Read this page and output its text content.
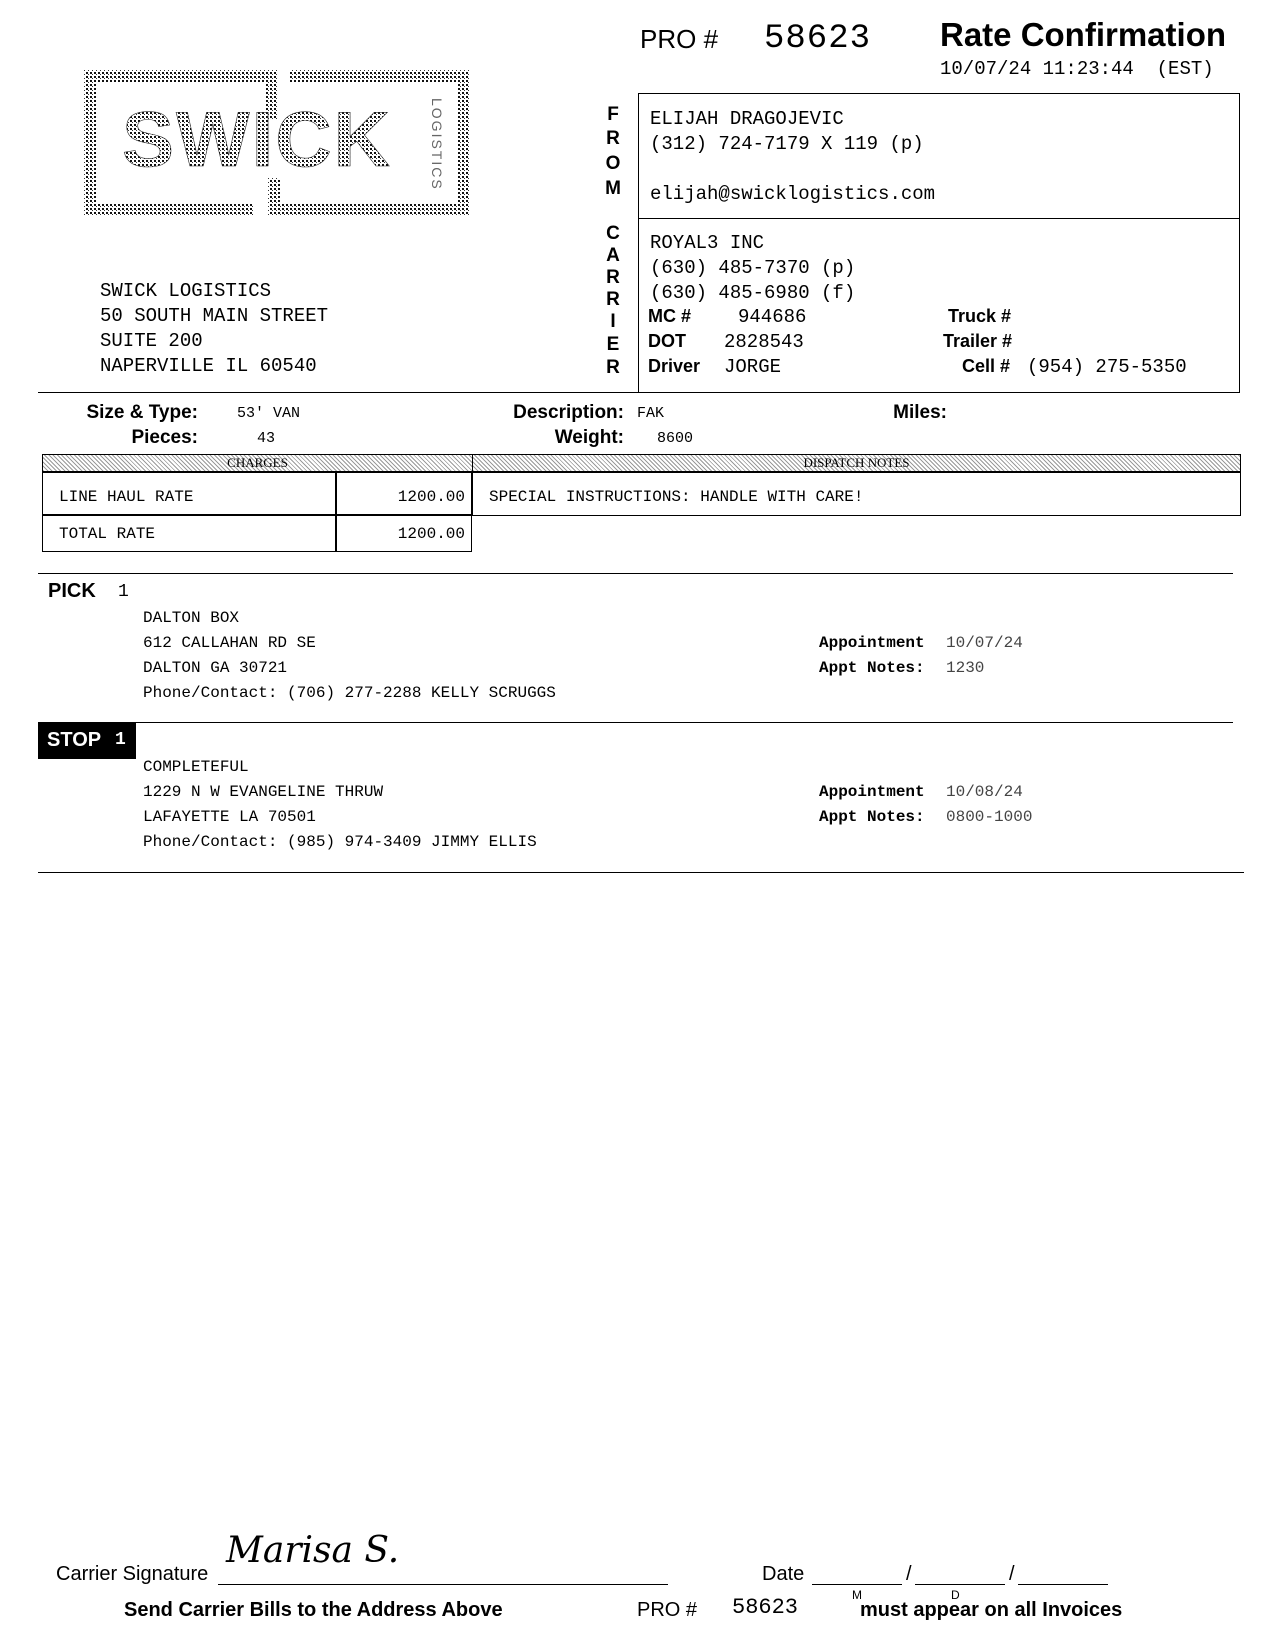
PRO # 58623 Rate Confirmation
10/07/24 11:23:44 (EST)
SWICK	LOGISTICS
SWICK LOGISTICS
50 SOUTH MAIN STREET
SUITE 200
NAPERVILLE IL 60540
F
R
O
M
C
A
R
R
I
E
R
ELIJAH DRAGOJEVIC
(312) 724-7179 X 119 (p)
elijah@swicklogistics.com
ROYAL3 INC
(630) 485-7370 (p)
(630) 485-6980 (f)
MC # 944686
DOT 2828543
Driver JORGE
Truck #
Trailer #
Cell # (954) 275-5350
Size & Type:	53' VAN
Pieces:	43
Description: FAK
Weight: 8600
Miles:
CHARGES
LINE HAUL RATE	1200.00
TOTAL RATE	1200.00
DISPATCH NOTES
SPECIAL INSTRUCTIONS: HANDLE WITH CARE!
PICK 1
DALTON BOX
612 CALLAHAN RD SE
DALTON GA 30721
Phone/Contact: (706) 277-2288 KELLY SCRUGGS
Appointment 10/07/24
Appt Notes: 1230
STOP 1
COMPLETEFUL
1229 N W EVANGELINE THRUW
LAFAYETTE LA 70501
Phone/Contact: (985) 974-3409 JIMMY ELLIS
Appointment 10/08/24
Appt Notes: 0800-1000
Carrier Signature
Marisa S.
Date	/	/
M	D
Send Carrier Bills to the Address Above	PRO # 58623	must appear on all Invoices
